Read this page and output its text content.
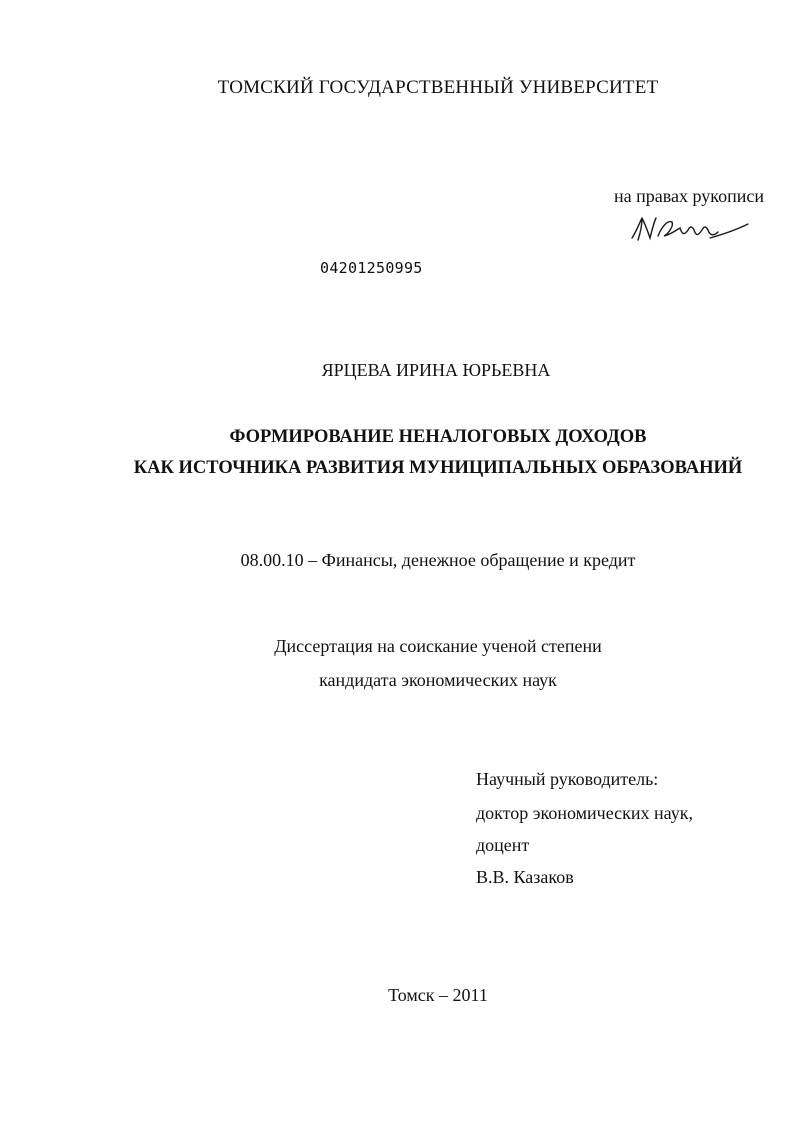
ТОМСКИЙ ГОСУДАРСТВЕННЫЙ УНИВЕРСИТЕТ
на правах рукописи
04201250995
ЯРЦЕВА ИРИНА ЮРЬЕВНА
ФОРМИРОВАНИЕ НЕНАЛОГОВЫХ ДОХОДОВ
КАК ИСТОЧНИКА РАЗВИТИЯ МУНИЦИПАЛЬНЫХ ОБРАЗОВАНИЙ
08.00.10 – Финансы, денежное обращение и кредит
Диссертация на соискание ученой степени
кандидата экономических наук
Научный руководитель:
доктор экономических наук,
доцент
В.В. Казаков
Томск – 2011
